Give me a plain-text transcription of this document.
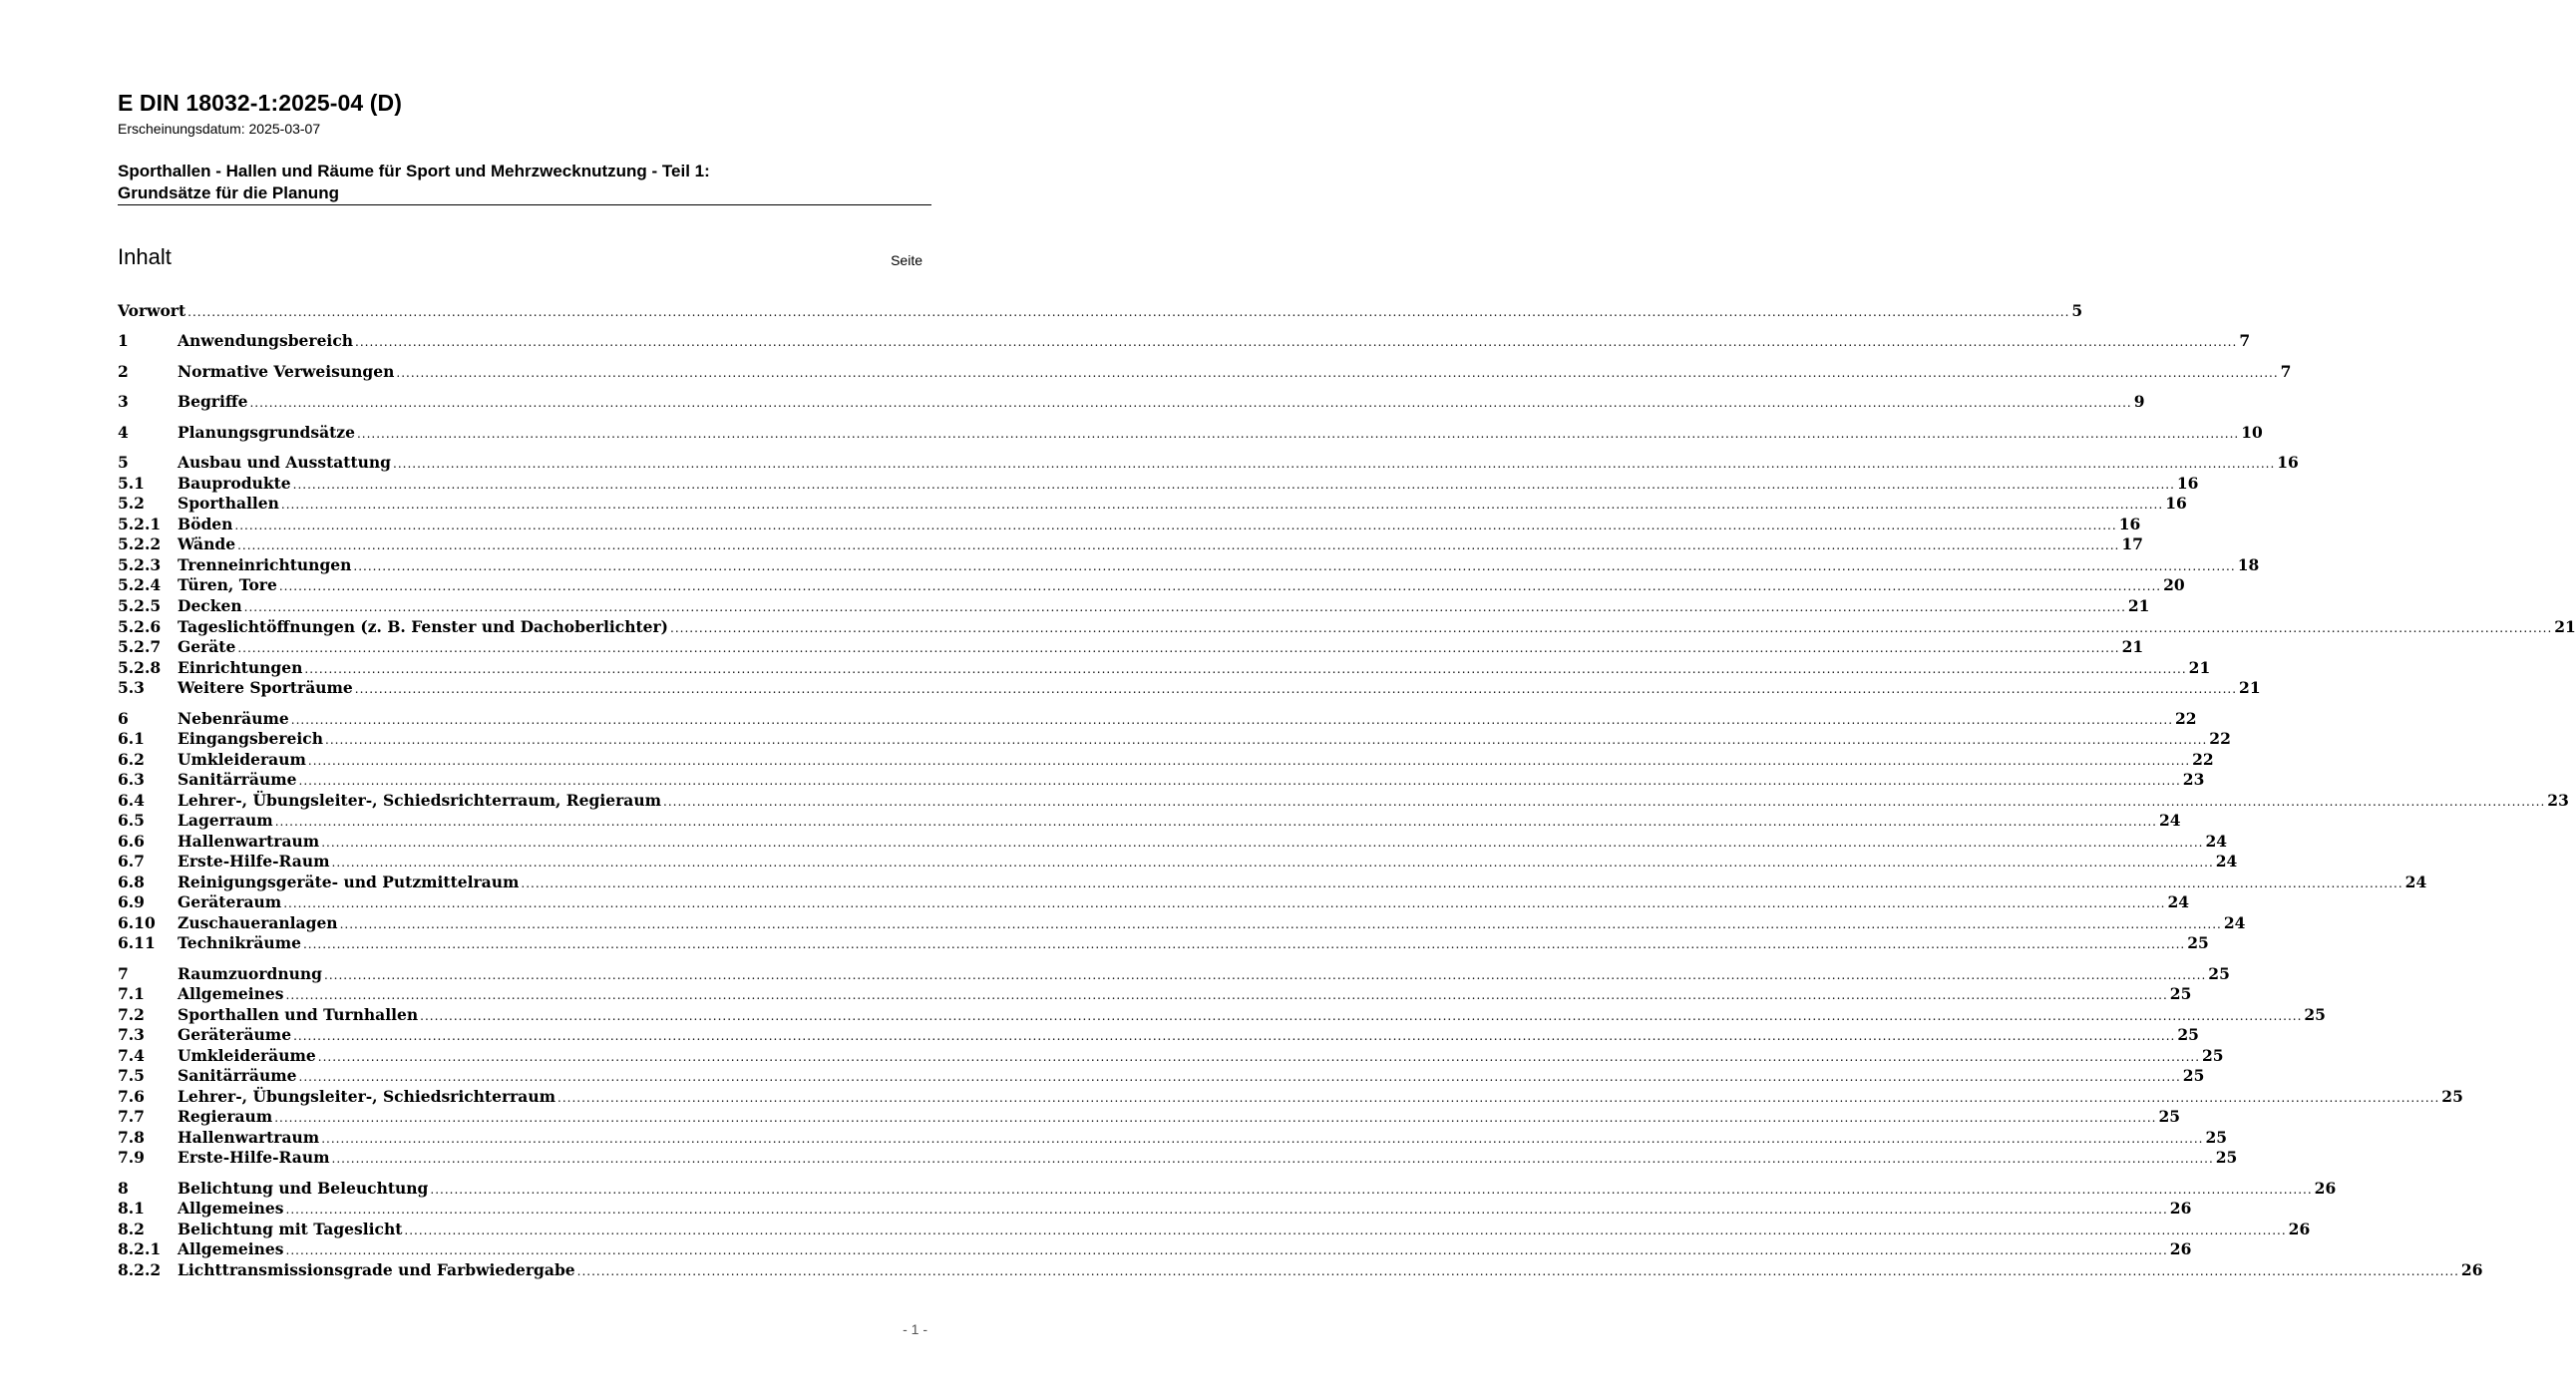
E DIN 18032-1:2025-04 (D)
Erscheinungsdatum: 2025-03-07
Sporthallen - Hallen und Räume für Sport und Mehrzwecknutzung - Teil 1:
Grundsätze für die Planung
Inhalt	Seite
Vorwort .....	5
1	Anwendungsbereich .....	7
2	Normative Verweisungen .....	7
3	Begriffe .....	9
4	Planungsgrundsätze .....	10
5	Ausbau und Ausstattung .....	16
5.1	Bauprodukte .....	16
5.2	Sporthallen .....	16
5.2.1	Böden .....	16
5.2.2	Wände .....	17
5.2.3	Trenneinrichtungen .....	18
5.2.4	Türen, Tore .....	20
5.2.5	Decken .....	21
5.2.6	Tageslichtöffnungen (z. B. Fenster und Dachoberlichter) .....	21
5.2.7	Geräte .....	21
5.2.8	Einrichtungen .....	21
5.3	Weitere Sporträume .....	21
6	Nebenräume .....	22
6.1	Eingangsbereich .....	22
6.2	Umkleideraum .....	22
6.3	Sanitärräume .....	23
6.4	Lehrer-, Übungsleiter-, Schiedsrichterraum, Regieraum .....	23
6.5	Lagerraum .....	24
6.6	Hallenwartraum .....	24
6.7	Erste-Hilfe-Raum .....	24
6.8	Reinigungsgeräte- und Putzmittelraum .....	24
6.9	Geräteraum .....	24
6.10	Zuschaueranlagen .....	24
6.11	Technikräume .....	25
7	Raumzuordnung .....	25
7.1	Allgemeines .....	25
7.2	Sporthallen und Turnhallen .....	25
7.3	Geräteräume .....	25
7.4	Umkleideräume .....	25
7.5	Sanitärräume .....	25
7.6	Lehrer-, Übungsleiter-, Schiedsrichterraum .....	25
7.7	Regieraum .....	25
7.8	Hallenwartraum .....	25
7.9	Erste-Hilfe-Raum .....	25
8	Belichtung und Beleuchtung .....	26
8.1	Allgemeines .....	26
8.2	Belichtung mit Tageslicht .....	26
8.2.1	Allgemeines .....	26
8.2.2	Lichttransmissionsgrade und Farbwiedergabe .....	26
- 1 -
